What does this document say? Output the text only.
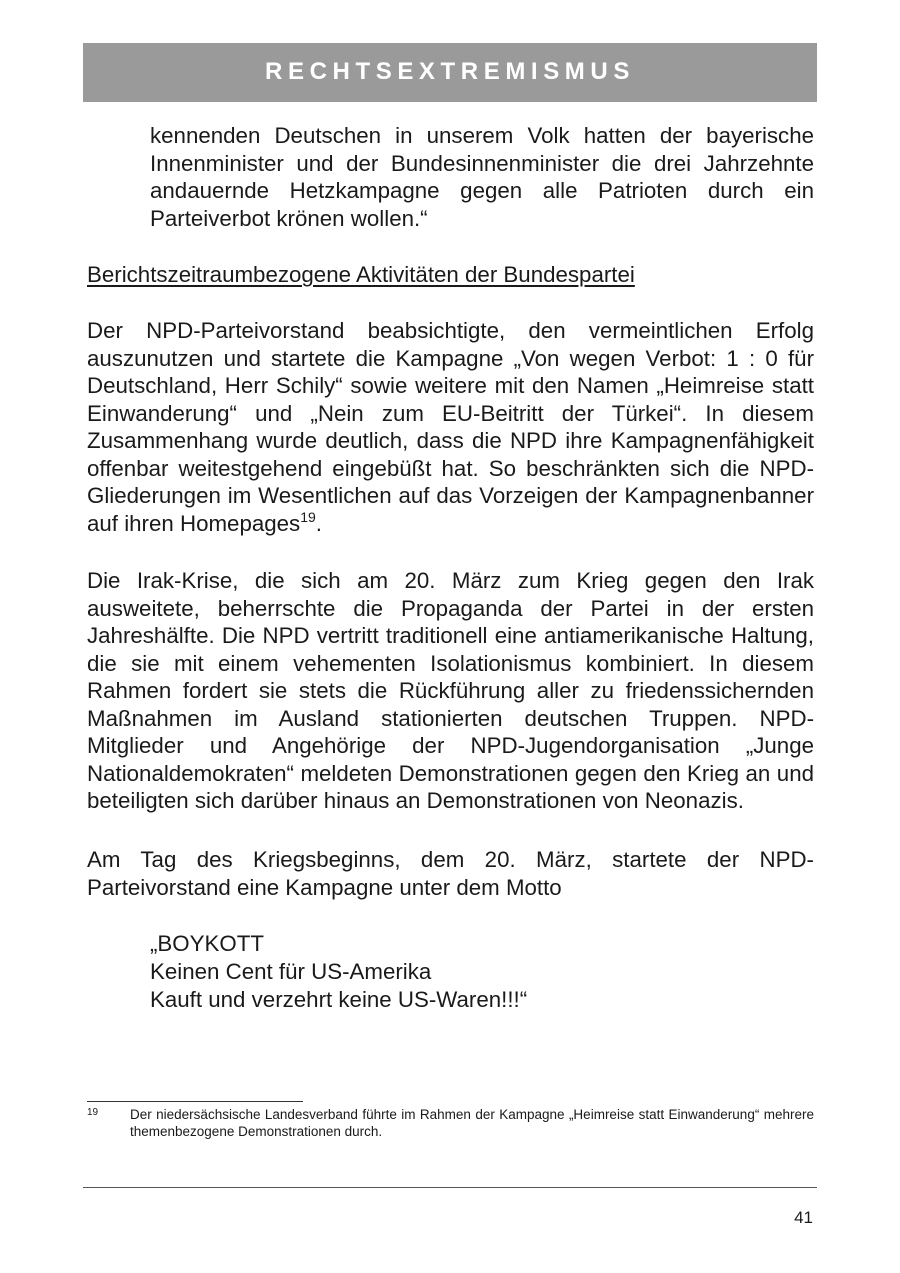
RECHTSEXTREMISMUS

kennenden Deutschen in unserem Volk hatten der bayerische Innenminister und der Bundesinnenminister die drei Jahrzehnte andauernde Hetzkampagne gegen alle Patrioten durch ein Parteiverbot krönen wollen.“

Berichtszeitraumbezogene Aktivitäten der Bundespartei

Der NPD-Parteivorstand beabsichtigte, den vermeintlichen Erfolg auszunutzen und startete die Kampagne „Von wegen Verbot: 1 : 0 für Deutschland, Herr Schily“ sowie weitere mit den Namen „Heimreise statt Einwanderung“ und „Nein zum EU-Beitritt der Türkei“. In diesem Zusammenhang wurde deutlich, dass die NPD ihre Kampagnenfähigkeit offenbar weitestgehend eingebüßt hat. So beschränkten sich die NPD-Gliederungen im Wesentlichen auf das Vorzeigen der Kampagnenbanner auf ihren Homepages$^{19}$.

Die Irak-Krise, die sich am 20. März zum Krieg gegen den Irak ausweitete, beherrschte die Propaganda der Partei in der ersten Jahreshälfte. Die NPD vertritt traditionell eine antiamerikanische Haltung, die sie mit einem vehementen Isolationismus kombiniert. In diesem Rahmen fordert sie stets die Rückführung aller zu friedenssichernden Maßnahmen im Ausland stationierten deutschen Truppen. NPD-Mitglieder und Angehörige der NPD-Jugendorganisation „Junge Nationaldemokraten“ meldeten Demonstrationen gegen den Krieg an und beteiligten sich darüber hinaus an Demonstrationen von Neonazis.

Am Tag des Kriegsbeginns, dem 20. März, startete der NPD-Parteivorstand eine Kampagne unter dem Motto

„BOYKOTT
Keinen Cent für US-Amerika
Kauft und verzehrt keine US-Waren!!!“
19 Der niedersächsische Landesverband führte im Rahmen der Kampagne „Heimreise statt Einwanderung“ mehrere themenbezogene Demonstrationen durch.
41
